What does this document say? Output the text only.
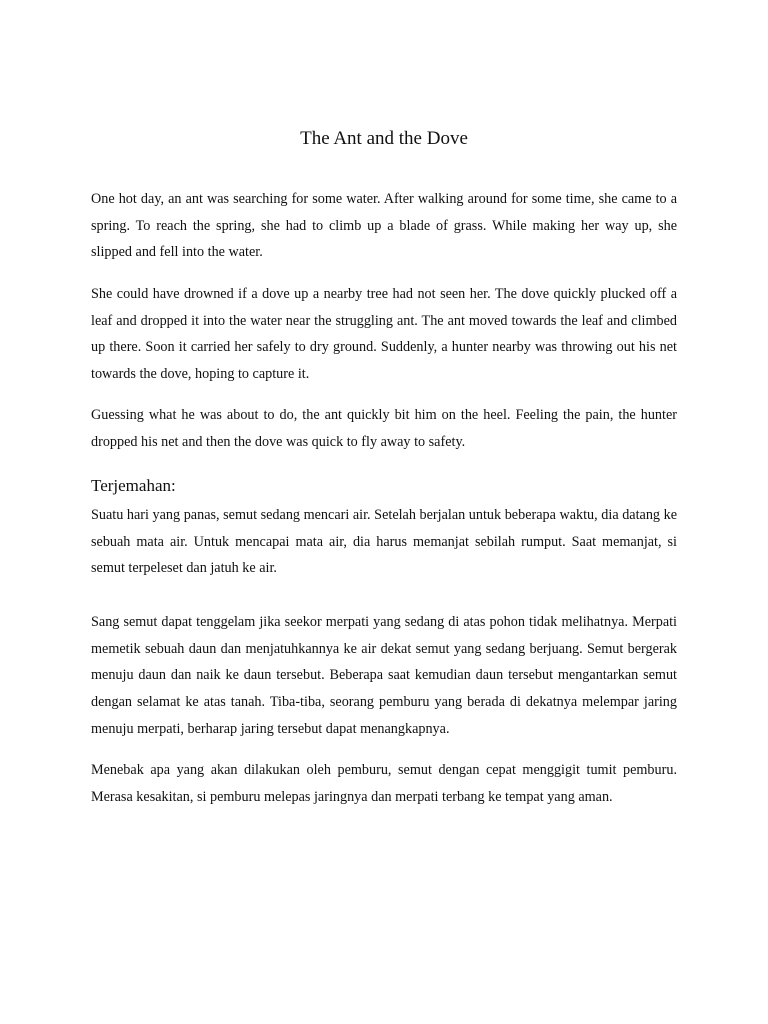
The Ant and the Dove

One hot day, an ant was searching for some water. After walking around for some time, she came to a spring. To reach the spring, she had to climb up a blade of grass. While making her way up, she slipped and fell into the water.

She could have drowned if a dove up a nearby tree had not seen her. The dove quickly plucked off a leaf and dropped it into the water near the struggling ant. The ant moved towards the leaf and climbed up there. Soon it carried her safely to dry ground. Suddenly, a hunter nearby was throwing out his net towards the dove, hoping to capture it.

Guessing what he was about to do, the ant quickly bit him on the heel. Feeling the pain, the hunter dropped his net and then the dove was quick to fly away to safety.

Terjemahan:

Suatu hari yang panas, semut sedang mencari air. Setelah berjalan untuk beberapa waktu, dia datang ke sebuah mata air. Untuk mencapai mata air, dia harus memanjat sebilah rumput. Saat memanjat, si semut terpeleset dan jatuh ke air.

Sang semut dapat tenggelam jika seekor merpati yang sedang di atas pohon tidak melihatnya. Merpati memetik sebuah daun dan menjatuhkannya ke air dekat semut yang sedang berjuang. Semut bergerak menuju daun dan naik ke daun tersebut. Beberapa saat kemudian daun tersebut mengantarkan semut dengan selamat ke atas tanah. Tiba-tiba, seorang pemburu yang berada di dekatnya melempar jaring menuju merpati, berharap jaring tersebut dapat menangkapnya.

Menebak apa yang akan dilakukan oleh pemburu, semut dengan cepat menggigit tumit pemburu. Merasa kesakitan, si pemburu melepas jaringnya dan merpati terbang ke tempat yang aman.
